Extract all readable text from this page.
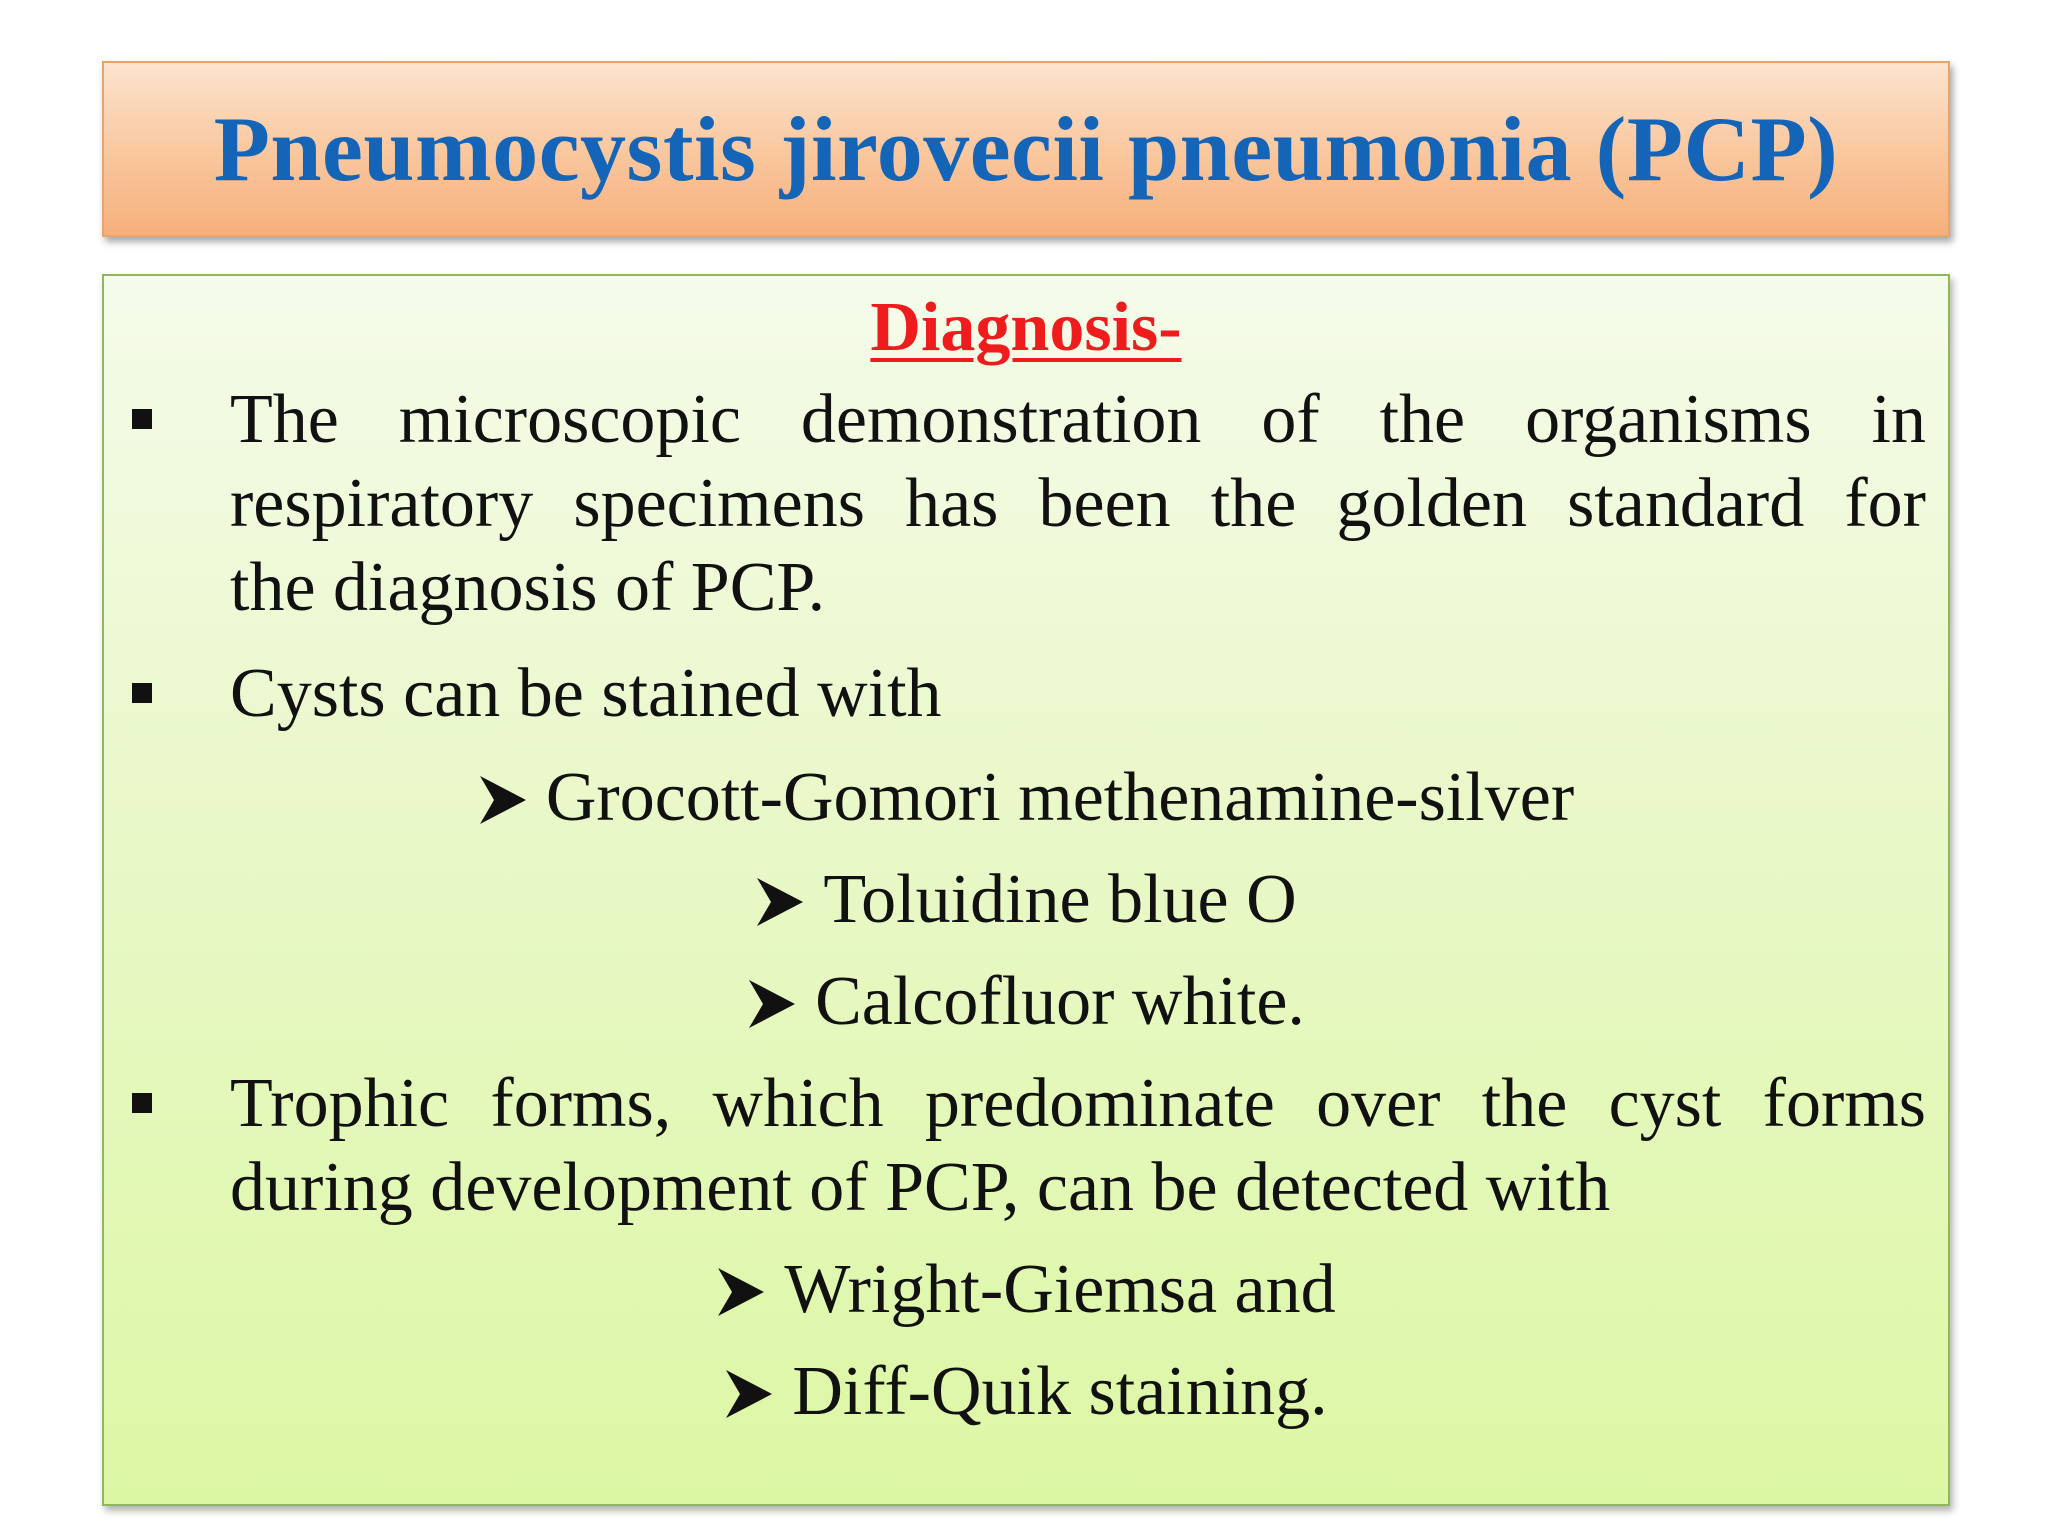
Pneumocystis jirovecii pneumonia (PCP)
Diagnosis-
The microscopic demonstration of the organisms in
respiratory specimens has been the golden standard for
the diagnosis of PCP.
Cysts can be stained with
Grocott-Gomori methenamine-silver
Toluidine blue O
Calcofluor white.
Trophic forms, which predominate over the cyst forms
during development of PCP, can be detected with
Wright-Giemsa and
Diff-Quik staining.
